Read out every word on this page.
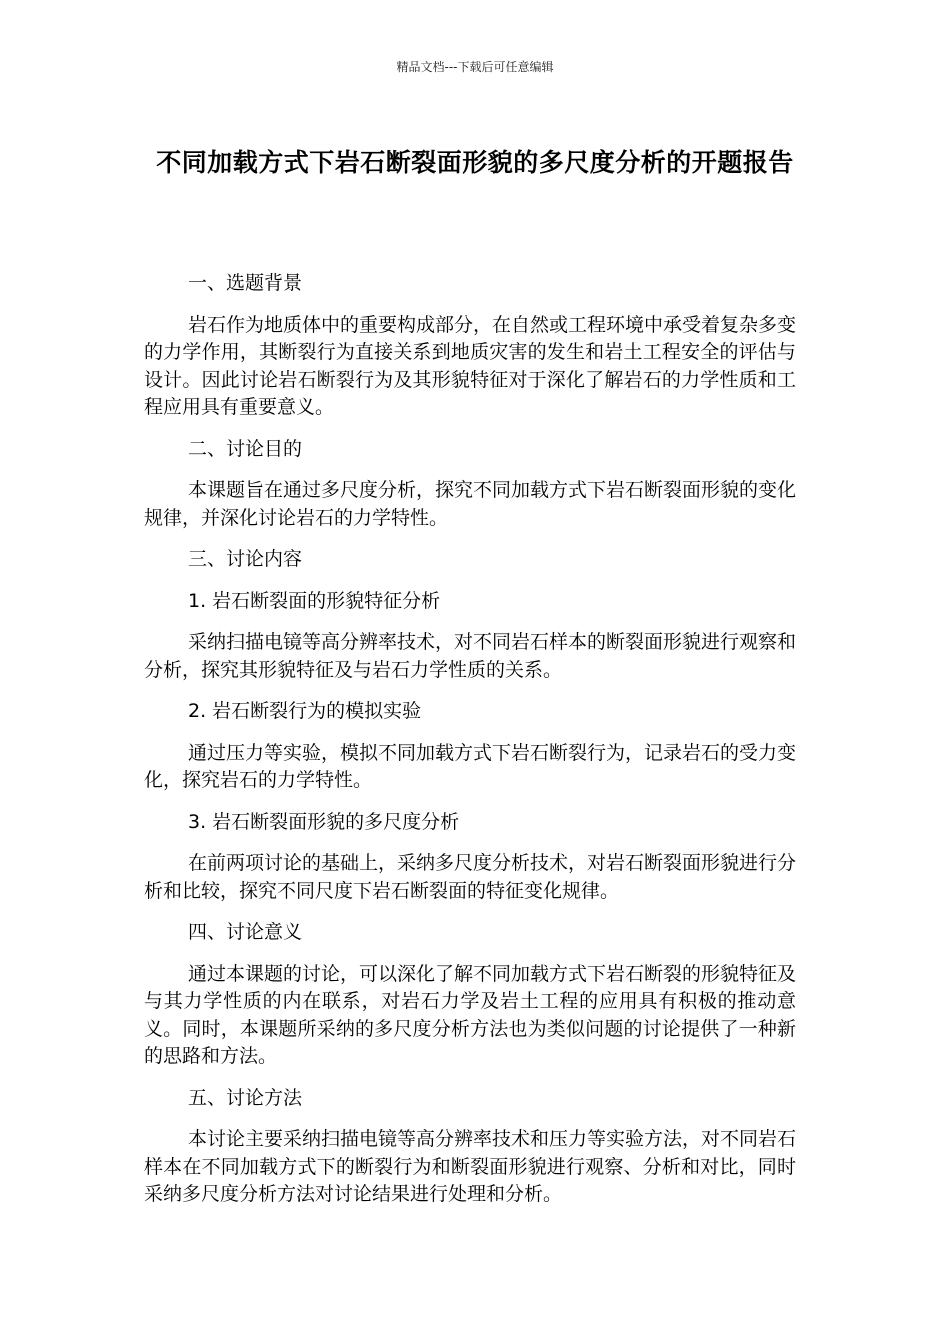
精品文档---下载后可任意编辑
不同加载方式下岩石断裂面形貌的多尺度分析的开题报告

一、选题背景

岩石作为地质体中的重要构成部分，在自然或工程环境中承受着复杂多变的力学作用，其断裂行为直接关系到地质灾害的发生和岩土工程安全的评估与设计。因此讨论岩石断裂行为及其形貌特征对于深化了解岩石的力学性质和工程应用具有重要意义。

二、讨论目的

本课题旨在通过多尺度分析，探究不同加载方式下岩石断裂面形貌的变化规律，并深化讨论岩石的力学特性。

三、讨论内容

1. 岩石断裂面的形貌特征分析

采纳扫描电镜等高分辨率技术，对不同岩石样本的断裂面形貌进行观察和分析，探究其形貌特征及与岩石力学性质的关系。

2. 岩石断裂行为的模拟实验

通过压力等实验，模拟不同加载方式下岩石断裂行为，记录岩石的受力变化，探究岩石的力学特性。

3. 岩石断裂面形貌的多尺度分析

在前两项讨论的基础上，采纳多尺度分析技术，对岩石断裂面形貌进行分析和比较，探究不同尺度下岩石断裂面的特征变化规律。

四、讨论意义

通过本课题的讨论，可以深化了解不同加载方式下岩石断裂的形貌特征及与其力学性质的内在联系，对岩石力学及岩土工程的应用具有积极的推动意义。同时，本课题所采纳的多尺度分析方法也为类似问题的讨论提供了一种新的思路和方法。

五、讨论方法

本讨论主要采纳扫描电镜等高分辨率技术和压力等实验方法，对不同岩石样本在不同加载方式下的断裂行为和断裂面形貌进行观察、分析和对比，同时采纳多尺度分析方法对讨论结果进行处理和分析。
